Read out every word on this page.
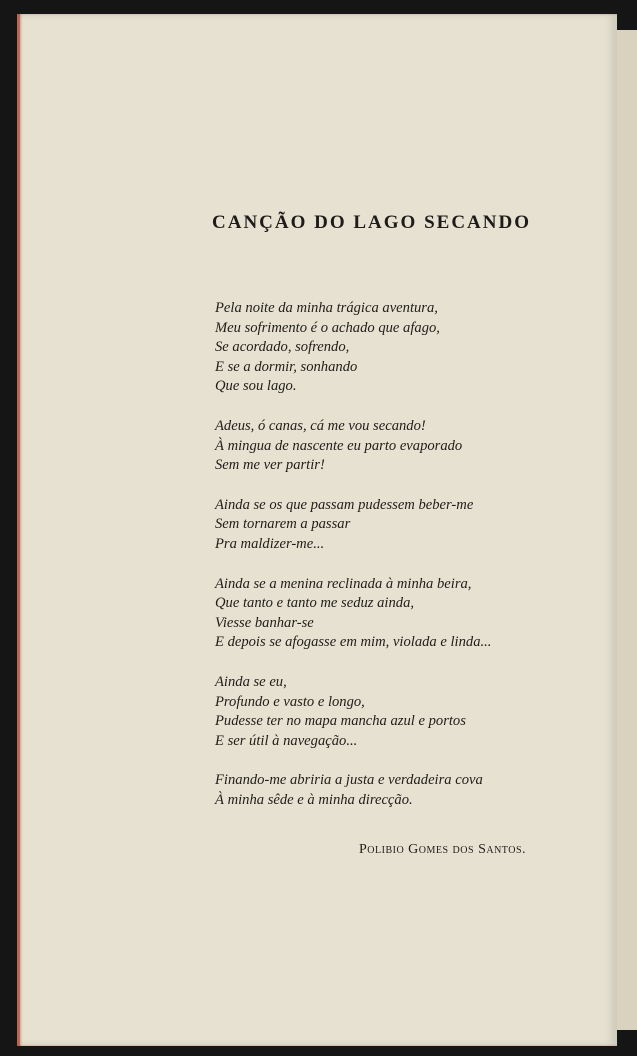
CANÇÃO DO LAGO SECANDO
Pela noite da minha trágica aventura,
Meu sofrimento é o achado que afago,
Se acordado, sofrendo,
E se a dormir, sonhando
Que sou lago.
Adeus, ó canas, cá me vou secando!
À mingua de nascente eu parto evaporado
Sem me ver partir!
Ainda se os que passam pudessem beber-me
Sem tornarem a passar
Pra maldizer-me...
Ainda se a menina reclinada à minha beira,
Que tanto e tanto me seduz ainda,
Viesse banhar-se
E depois se afogasse em mim, violada e linda...
Ainda se eu,
Profundo e vasto e longo,
Pudesse ter no mapa mancha azul e portos
E ser útil à navegação...
Finando-me abriria a justa e verdadeira cova
À minha sêde e à minha direcção.
Polibio Gomes dos Santos.
